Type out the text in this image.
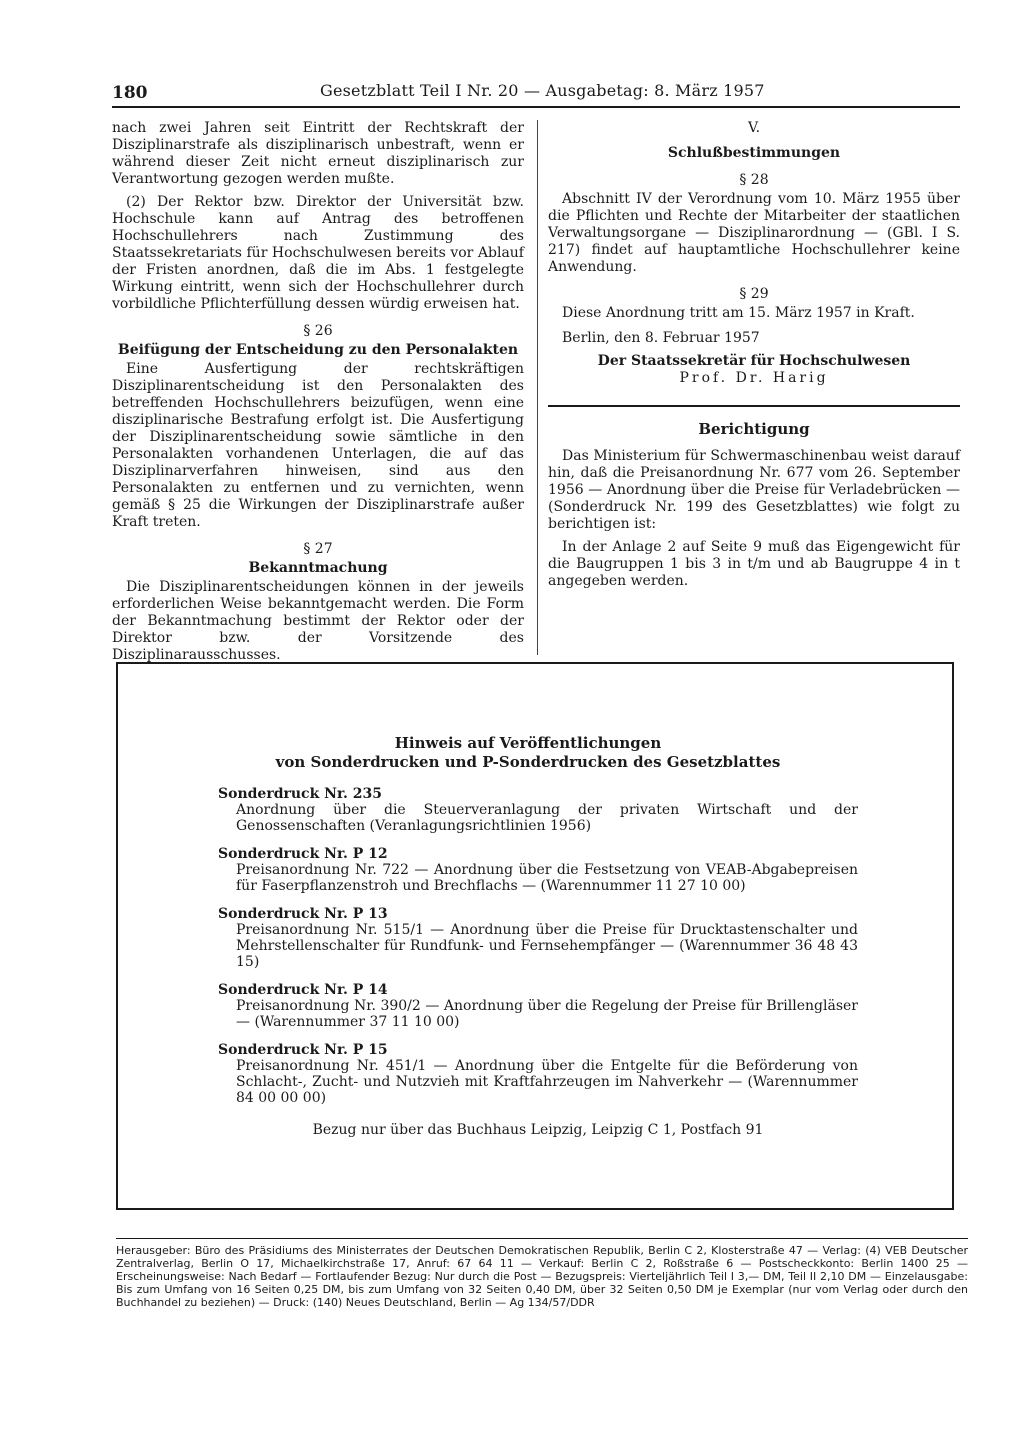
180	Gesetzblatt Teil I Nr. 20 — Ausgabetag: 8. März 1957

nach zwei Jahren seit Eintritt der Rechtskraft der Disziplinarstrafe als disziplinarisch unbestraft, wenn er während dieser Zeit nicht erneut disziplinarisch zur Verantwortung gezogen werden mußte.

(2) Der Rektor bzw. Direktor der Universität bzw. Hochschule kann auf Antrag des betroffenen Hochschullehrers nach Zustimmung des Staatssekretariats für Hochschulwesen bereits vor Ablauf der Fristen anordnen, daß die im Abs. 1 festgelegte Wirkung eintritt, wenn sich der Hochschullehrer durch vorbildliche Pflichterfüllung dessen würdig erweisen hat.

§ 26
Beifügung der Entscheidung zu den Personalakten

Eine Ausfertigung der rechtskräftigen Disziplinarentscheidung ist den Personalakten des betreffenden Hochschullehrers beizufügen, wenn eine disziplinarische Bestrafung erfolgt ist. Die Ausfertigung der Disziplinarentscheidung sowie sämtliche in den Personalakten vorhandenen Unterlagen, die auf das Disziplinarverfahren hinweisen, sind aus den Personalakten zu entfernen und zu vernichten, wenn gemäß § 25 die Wirkungen der Disziplinarstrafe außer Kraft treten.

§ 27
Bekanntmachung

Die Disziplinarentscheidungen können in der jeweils erforderlichen Weise bekanntgemacht werden. Die Form der Bekanntmachung bestimmt der Rektor oder der Direktor bzw. der Vorsitzende des Disziplinarausschusses.

V.
Schlußbestimmungen
§ 28

Abschnitt IV der Verordnung vom 10. März 1955 über die Pflichten und Rechte der Mitarbeiter der staatlichen Verwaltungsorgane — Disziplinarordnung — (GBl. I S. 217) findet auf hauptamtliche Hochschullehrer keine Anwendung.

§ 29

Diese Anordnung tritt am 15. März 1957 in Kraft.

Berlin, den 8. Februar 1957

Der Staatssekretär für Hochschulwesen
Prof. Dr. Harig
Berichtigung

Das Ministerium für Schwermaschinenbau weist darauf hin, daß die Preisanordnung Nr. 677 vom 26. September 1956 — Anordnung über die Preise für Verladebrücken — (Sonderdruck Nr. 199 des Gesetzblattes) wie folgt zu berichtigen ist:

In der Anlage 2 auf Seite 9 muß das Eigengewicht für die Baugruppen 1 bis 3 in t/m und ab Baugruppe 4 in t angegeben werden.

Hinweis auf Veröffentlichungen
von Sonderdrucken und P-Sonderdrucken des Gesetzblattes
Sonderdruck Nr. 235
Anordnung über die Steuerveranlagung der privaten Wirtschaft und der Genossenschaften (Veranlagungsrichtlinien 1956)
Sonderdruck Nr. P 12
Preisanordnung Nr. 722 — Anordnung über die Festsetzung von VEAB-Abgabepreisen für Faserpflanzenstroh und Brechflachs — (Warennummer 11 27 10 00)
Sonderdruck Nr. P 13
Preisanordnung Nr. 515/1 — Anordnung über die Preise für Drucktastenschalter und Mehrstellenschalter für Rundfunk- und Fernsehempfänger — (Warennummer 36 48 43 15)
Sonderdruck Nr. P 14
Preisanordnung Nr. 390/2 — Anordnung über die Regelung der Preise für Brillengläser — (Warennummer 37 11 10 00)
Sonderdruck Nr. P 15
Preisanordnung Nr. 451/1 — Anordnung über die Entgelte für die Beförderung von Schlacht-, Zucht- und Nutzvieh mit Kraftfahrzeugen im Nahverkehr — (Warennummer 84 00 00 00)
Bezug nur über das Buchhaus Leipzig, Leipzig C 1, Postfach 91
Herausgeber: Büro des Präsidiums des Ministerrates der Deutschen Demokratischen Republik, Berlin C 2, Klosterstraße 47 — Verlag: (4) VEB Deutscher Zentralverlag, Berlin O 17, Michaelkirchstraße 17, Anruf: 67 64 11 — Verkauf: Berlin C 2, Roßstraße 6 — Postscheckkonto: Berlin 1400 25 — Erscheinungsweise: Nach Bedarf — Fortlaufender Bezug: Nur durch die Post — Bezugspreis: Vierteljährlich Teil I 3,— DM, Teil II 2,10 DM — Einzelausgabe: Bis zum Umfang von 16 Seiten 0,25 DM, bis zum Umfang von 32 Seiten 0,40 DM, über 32 Seiten 0,50 DM je Exemplar (nur vom Verlag oder durch den Buchhandel zu beziehen) — Druck: (140) Neues Deutschland, Berlin — Ag 134/57/DDR
